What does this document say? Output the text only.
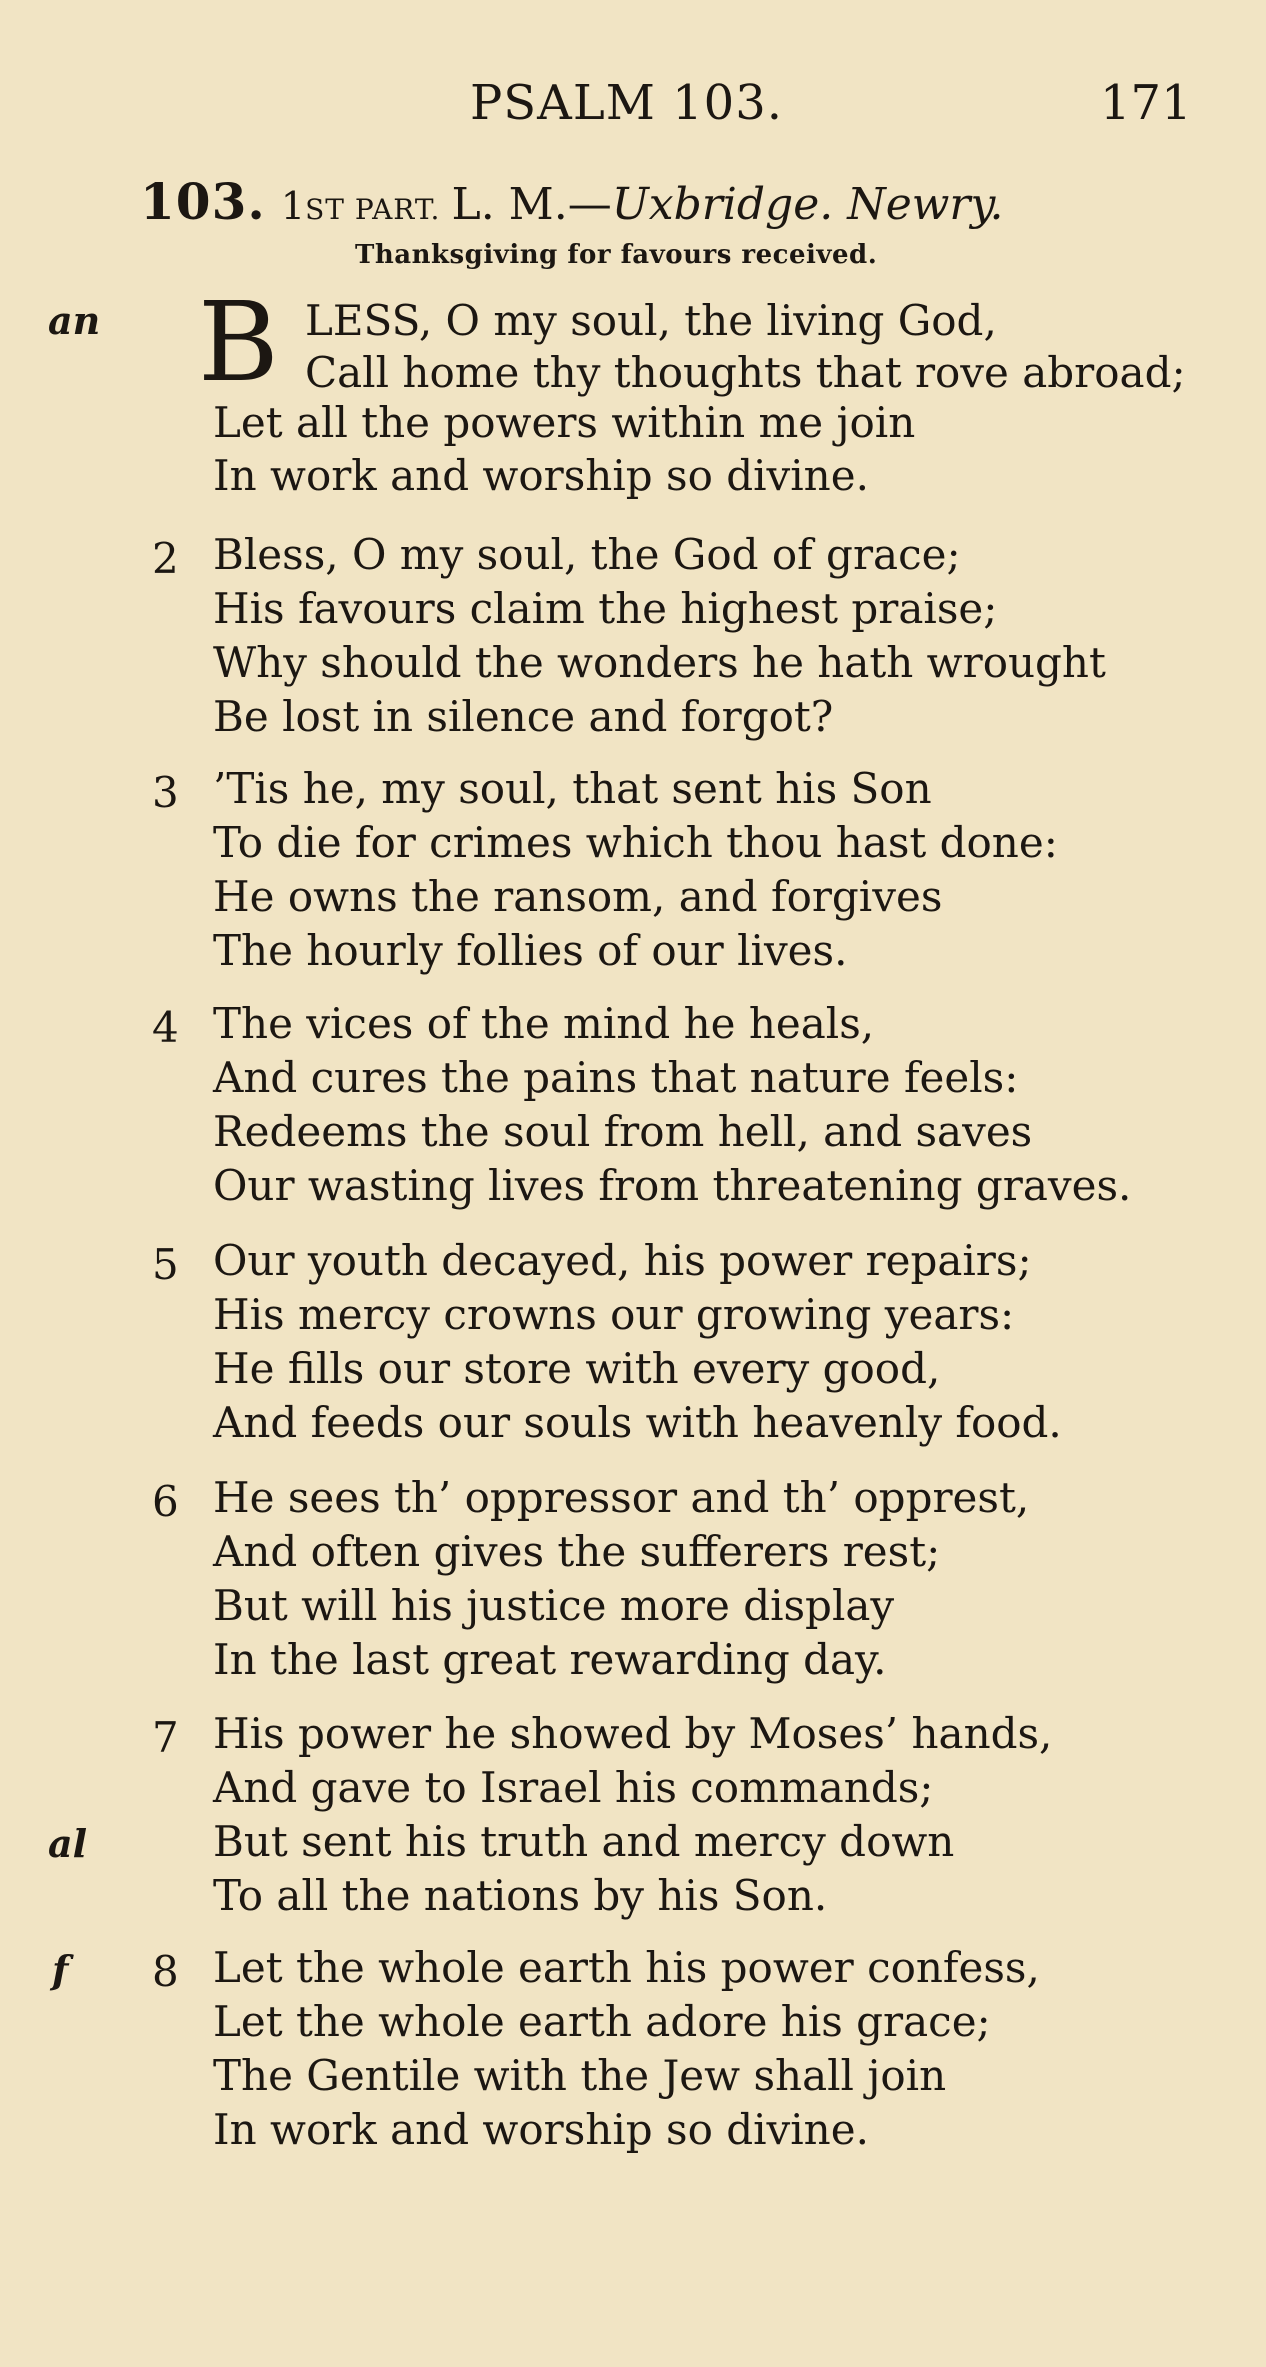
PSALM 103.	171
103. 1ST PART. L. M.—Uxbridge. Newry.
Thanksgiving for favours received.
an B LESS, O my soul, the living God,
Call home thy thoughts that rove abroad;
Let all the powers within me join
In work and worship so divine.
2 Bless, O my soul, the God of grace;
His favours claim the highest praise;
Why should the wonders he hath wrought
Be lost in silence and forgot?
3 ’Tis he, my soul, that sent his Son
To die for crimes which thou hast done:
He owns the ransom, and forgives
The hourly follies of our lives.
4 The vices of the mind he heals,
And cures the pains that nature feels:
Redeems the soul from hell, and saves
Our wasting lives from threatening graves.
5 Our youth decayed, his power repairs;
His mercy crowns our growing years:
He fills our store with every good,
And feeds our souls with heavenly food.
6 He sees th’ oppressor and th’ opprest,
And often gives the sufferers rest;
But will his justice more display
In the last great rewarding day.
7
al
His power he showed by Moses’ hands,
And gave to Israel his commands;
But sent his truth and mercy down
To all the nations by his Son.
8
f	Let the whole earth his power confess,
Let the whole earth adore his grace;
The Gentile with the Jew shall join
In work and worship so divine.
